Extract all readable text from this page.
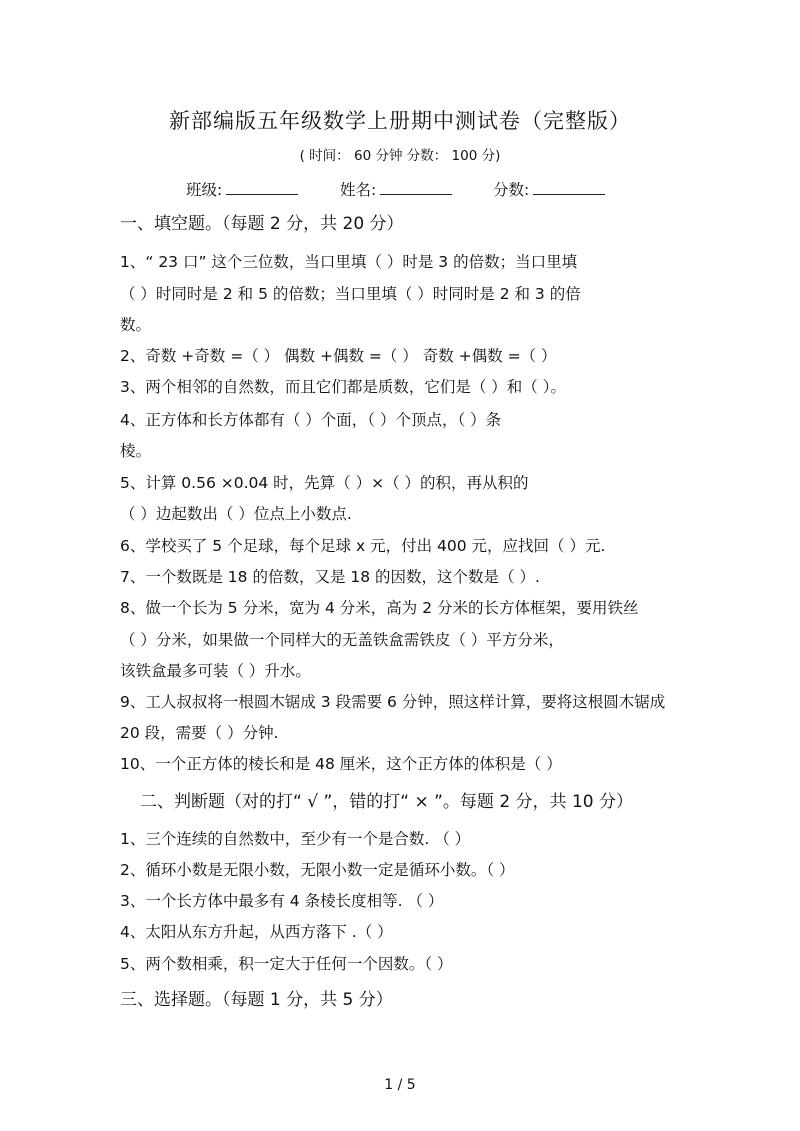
新部编版五年级数学上册期中测试卷（完整版）
( 时间： 60 分钟 分数： 100 分)
班级:	姓名:	分数:
一、填空题。（每题 2 分，共 20 分）
1、“ 23 口” 这个三位数，当口里填（ ）时是 3 的倍数；当口里填
（ ）时同时是 2 和 5 的倍数；当口里填（ ）时同时是 2 和 3 的倍
数。
2、奇数 +奇数 =（ ） 偶数 +偶数 =（ ） 奇数 +偶数 =（ ）
3、两个相邻的自然数，而且它们都是质数，它们是（ ）和（ ）。
4、正方体和长方体都有（ ）个面，（ ）个顶点，（ ）条
棱。
5、计算 0.56 ×0.04 时，先算（ ）×（ ）的积，再从积的
（ ）边起数出（ ）位点上小数点.
6、学校买了 5 个足球，每个足球 x 元，付出 400 元，应找回（ ）元.
7、一个数既是 18 的倍数，又是 18 的因数，这个数是（ ）.
8、做一个长为 5 分米，宽为 4 分米，高为 2 分米的长方体框架，要用铁丝
（ ）分米，如果做一个同样大的无盖铁盒需铁皮（ ）平方分米，
该铁盒最多可装（ ）升水。
9、工人叔叔将一根圆木锯成 3 段需要 6 分钟，照这样计算，要将这根圆木锯成
20 段，需要（ ）分钟.
10、一个正方体的棱长和是 48 厘米，这个正方体的体积是（ ）
二、判断题（对的打“ √ ”，错的打“ × ”。每题 2 分，共 10 分）
1、三个连续的自然数中，至少有一个是合数. （ ）
2、循环小数是无限小数，无限小数一定是循环小数。（ ）
3、一个长方体中最多有 4 条棱长度相等. （ ）
4、太阳从东方升起，从西方落下 .（ ）
5、两个数相乘，积一定大于任何一个因数。（ ）
三、选择题。（每题 1 分，共 5 分）
1 / 5
